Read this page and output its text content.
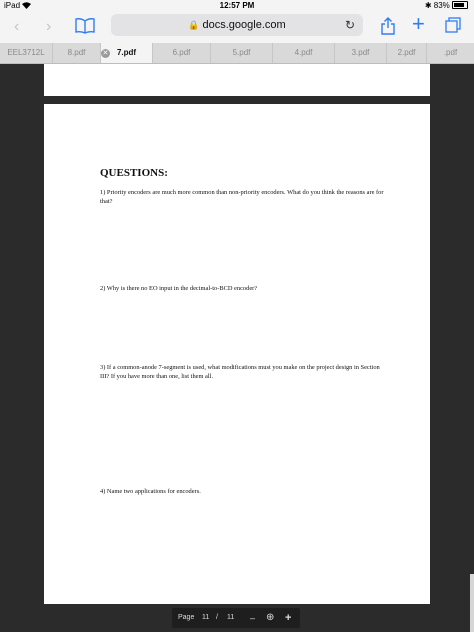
iPad	12:57 PM	✱ 83%
‹ ›	🔒 docs.google.com	↻	+
EEL3712L	8.pdf	✕ 7.pdf	6.pdf	5.pdf	4.pdf	3.pdf	2.pdf	.pdf
QUESTIONS:
1) Priority encoders are much more common than non-priority encoders. What do you think the reasons are for that?
2) Why is there no EO input in the decimal-to-BCD encoder?
3) If a common-anode 7-segment is used, what modifications must you make on the project design in Section III? If you have more than one, list them all.
4) Name two applications for encoders.
Page 11 / 11 – ⊕ +
